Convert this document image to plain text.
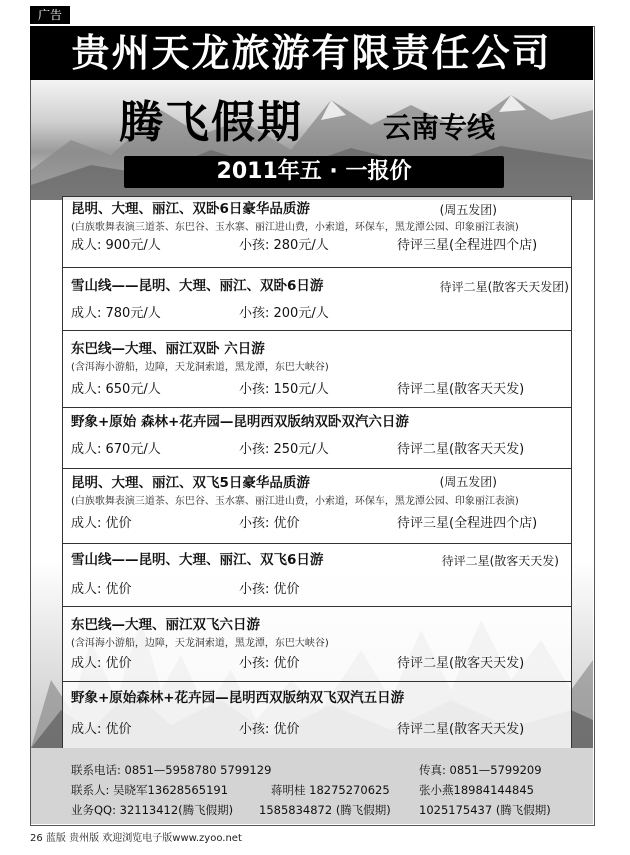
广告
贵州天龙旅游有限责任公司
腾飞假期	云南专线
2011年五 · 一报价
昆明、大理、丽江、双卧6日豪华品质游	(周五发团)
(白族歌舞表演三道茶、东巴谷、玉水寨、丽江进山费，小索道，环保车，黑龙潭公园、印象丽江表演)
成人: 900元/人	小孩: 280元/人	待评三星(全程进四个店)
雪山线——昆明、大理、丽江、双卧6日游	待评二星(散客天天发团)
成人: 780元/人	小孩: 200元/人
东巴线—大理、丽江双卧 六日游
(含洱海小游船，边障，天龙洞索道，黑龙潭，东巴大峡谷)
成人: 650元/人	小孩: 150元/人	待评二星(散客天天发)
野象+原始 森林+花卉园—昆明西双版纳双卧双汽六日游
成人: 670元/人	小孩: 250元/人	待评二星(散客天天发)
昆明、大理、丽江、双飞5日豪华品质游	(周五发团)
(白族歌舞表演三道茶、东巴谷、玉水寨、丽江进山费，小索道，环保车，黑龙潭公园、印象丽江表演)
成人: 优价	小孩: 优价	待评三星(全程进四个店)
雪山线——昆明、大理、丽江、双飞6日游	待评二星(散客天天发)
成人: 优价	小孩: 优价
东巴线—大理、丽江双飞六日游
(含洱海小游船，边障，天龙洞索道，黑龙潭，东巴大峡谷)
成人: 优价	小孩: 优价	待评二星(散客天天发)
野象+原始森林+花卉园—昆明西双版纳双飞双汽五日游
成人: 优价	小孩: 优价	待评二星(散客天天发)
联系电话: 0851—5958780 5799129	传真: 0851—5799209
联系人: 吴晓军13628565191	蒋明桂 18275270625	张小燕18984144845
业务QQ: 32113412(腾飞假期) 1585834872 (腾飞假期) 1025175437 (腾飞假期)
26 蓝版 贵州版 欢迎浏览电子版www.zyoo.net
